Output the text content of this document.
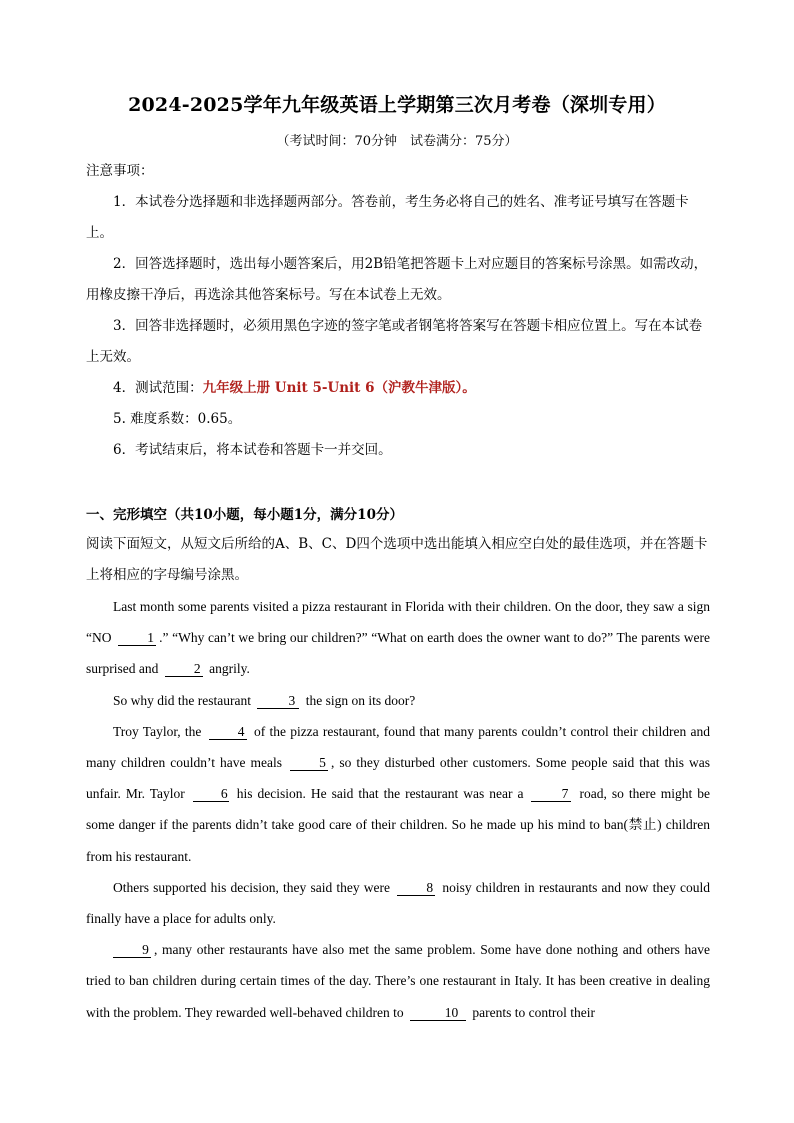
2024-2025学年九年级英语上学期第三次月考卷（深圳专用）
（考试时间：70分钟　试卷满分：75分）

注意事项：

1．本试卷分选择题和非选择题两部分。答卷前，考生务必将自己的姓名、准考证号填写在答题卡上。

2．回答选择题时，选出每小题答案后，用2B铅笔把答题卡上对应题目的答案标号涂黑。如需改动，用橡皮擦干净后，再选涂其他答案标号。写在本试卷上无效。

3．回答非选择题时，必须用黑色字迹的签字笔或者钢笔将答案写在答题卡相应位置上。写在本试卷上无效。

4．测试范围：九年级上册 Unit 5-Unit 6（沪教牛津版）。

5. 难度系数：0.65。

6．考试结束后，将本试卷和答题卡一并交回。

一、完形填空（共10小题，每小题1分，满分10分）
阅读下面短文，从短文后所给的A、B、C、D四个选项中选出能填入相应空白处的最佳选项，并在答题卡上将相应的字母编号涂黑。

Last month some parents visited a pizza restaurant in Florida with their children. On the door, they saw a sign “NO	1 .” “Why can’t we bring our children?” “What on earth does the owner want to do?” The parents were surprised and	2 angrily.

So why did the restaurant	3 the sign on its door?

Troy Taylor, the	4 of the pizza restaurant, found that many parents couldn’t control their children and many children couldn’t have meals	5 , so they disturbed other customers. Some people said that this was unfair. Mr. Taylor	6 his decision. He said that the restaurant was near a	7 road, so there might be some danger if the parents didn’t take good care of their children. So he made up his mind to ban(禁止) children from his restaurant.

Others supported his decision, they said they were	8 noisy children in restaurants and now they could finally have a place for adults only.

9 , many other restaurants have also met the same problem. Some have done nothing and others have tried to ban children during certain times of the day. There’s one restaurant in Italy. It has been creative in dealing with the problem. They rewarded well-behaved children to	10 parents to control their
